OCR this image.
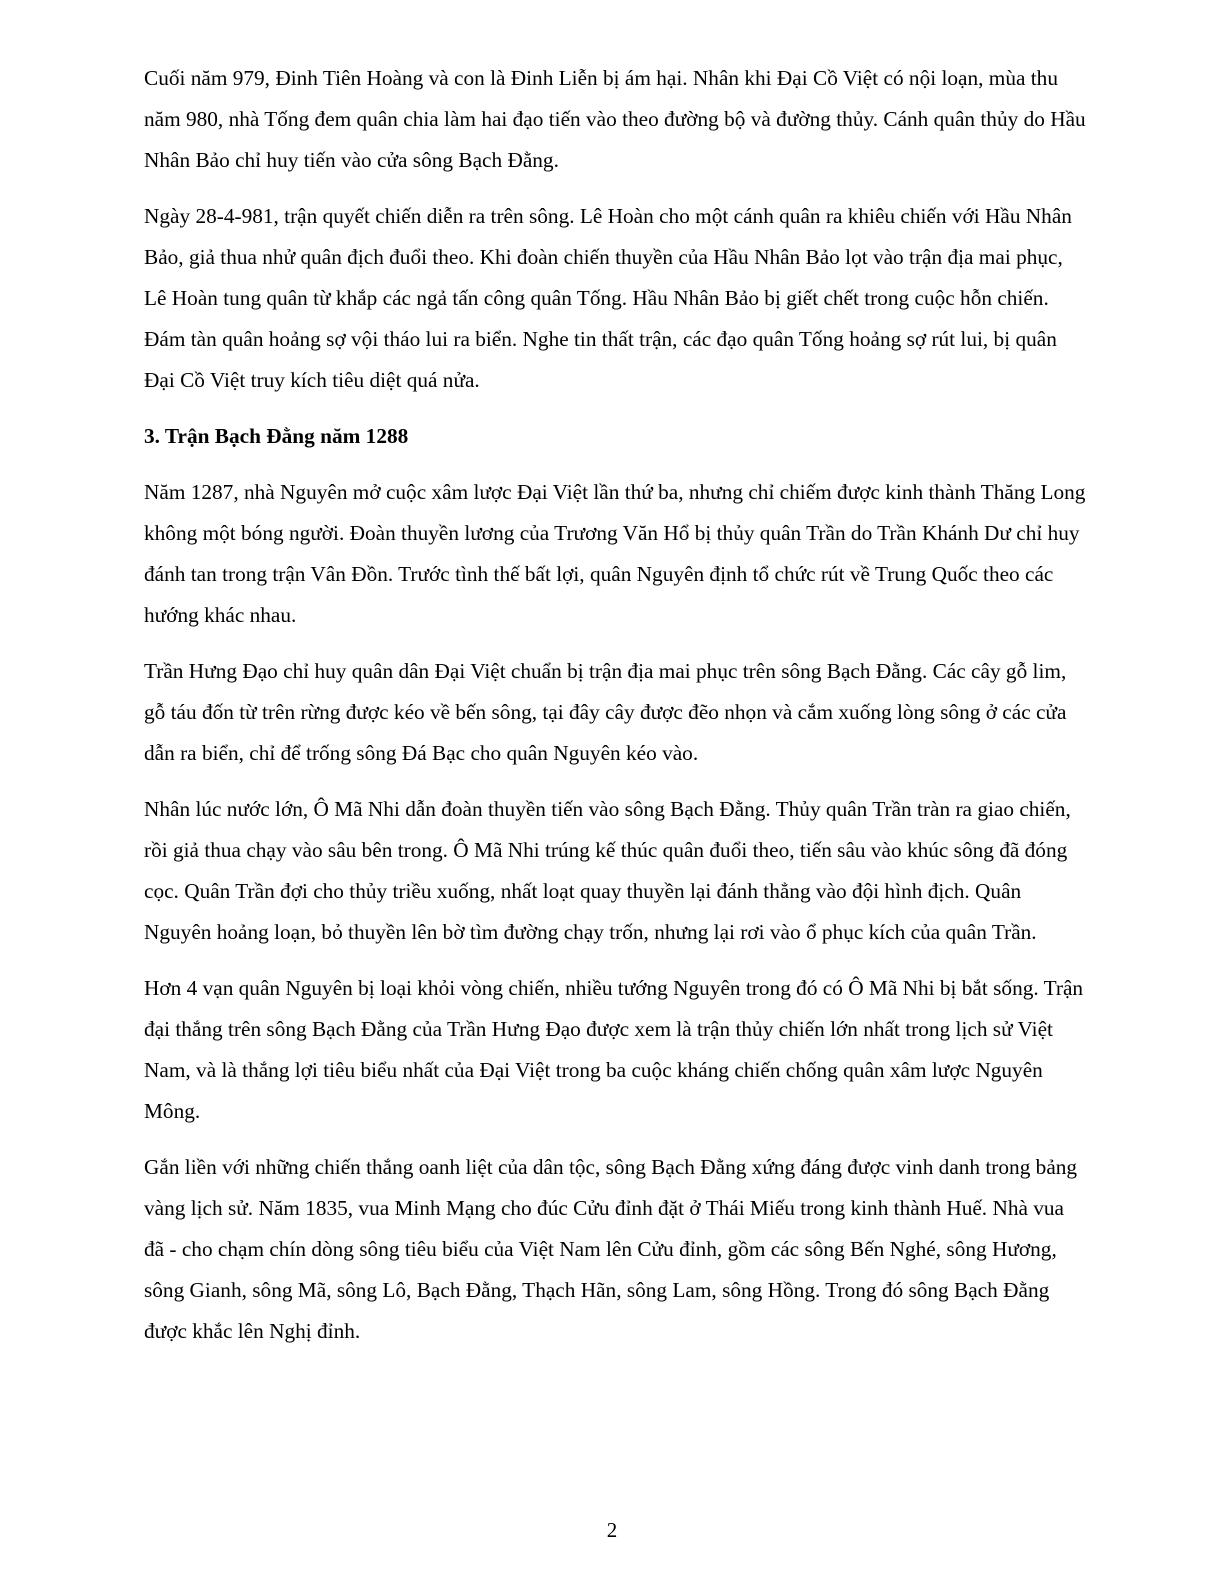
Cuối năm 979, Đinh Tiên Hoàng và con là Đinh Liễn bị ám hại. Nhân khi Đại Cồ Việt có nội loạn, mùa thu năm 980, nhà Tống đem quân chia làm hai đạo tiến vào theo đường bộ và đường thủy. Cánh quân thủy do Hầu Nhân Bảo chỉ huy tiến vào cửa sông Bạch Đằng.

Ngày 28-4-981, trận quyết chiến diễn ra trên sông. Lê Hoàn cho một cánh quân ra khiêu chiến với Hầu Nhân Bảo, giả thua nhử quân địch đuổi theo. Khi đoàn chiến thuyền của Hầu Nhân Bảo lọt vào trận địa mai phục, Lê Hoàn tung quân từ khắp các ngả tấn công quân Tống. Hầu Nhân Bảo bị giết chết trong cuộc hỗn chiến. Đám tàn quân hoảng sợ vội tháo lui ra biển. Nghe tin thất trận, các đạo quân Tống hoảng sợ rút lui, bị quân Đại Cồ Việt truy kích tiêu diệt quá nửa.

3. Trận Bạch Đằng năm 1288

Năm 1287, nhà Nguyên mở cuộc xâm lược Đại Việt lần thứ ba, nhưng chỉ chiếm được kinh thành Thăng Long không một bóng người. Đoàn thuyền lương của Trương Văn Hổ bị thủy quân Trần do Trần Khánh Dư chỉ huy đánh tan trong trận Vân Đồn. Trước tình thế bất lợi, quân Nguyên định tổ chức rút về Trung Quốc theo các hướng khác nhau.

Trần Hưng Đạo chỉ huy quân dân Đại Việt chuẩn bị trận địa mai phục trên sông Bạch Đằng. Các cây gỗ lim, gỗ táu đốn từ trên rừng được kéo về bến sông, tại đây cây được đẽo nhọn và cắm xuống lòng sông ở các cửa dẫn ra biển, chỉ để trống sông Đá Bạc cho quân Nguyên kéo vào.

Nhân lúc nước lớn, Ô Mã Nhi dẫn đoàn thuyền tiến vào sông Bạch Đằng. Thủy quân Trần tràn ra giao chiến, rồi giả thua chạy vào sâu bên trong. Ô Mã Nhi trúng kế thúc quân đuổi theo, tiến sâu vào khúc sông đã đóng cọc. Quân Trần đợi cho thủy triều xuống, nhất loạt quay thuyền lại đánh thẳng vào đội hình địch. Quân Nguyên hoảng loạn, bỏ thuyền lên bờ tìm đường chạy trốn, nhưng lại rơi vào ổ phục kích của quân Trần.

Hơn 4 vạn quân Nguyên bị loại khỏi vòng chiến, nhiều tướng Nguyên trong đó có Ô Mã Nhi bị bắt sống. Trận đại thắng trên sông Bạch Đằng của Trần Hưng Đạo được xem là trận thủy chiến lớn nhất trong lịch sử Việt Nam, và là thắng lợi tiêu biểu nhất của Đại Việt trong ba cuộc kháng chiến chống quân xâm lược Nguyên Mông.

Gắn liền với những chiến thắng oanh liệt của dân tộc, sông Bạch Đằng xứng đáng được vinh danh trong bảng vàng lịch sử. Năm 1835, vua Minh Mạng cho đúc Cửu đỉnh đặt ở Thái Miếu trong kinh thành Huế. Nhà vua đã - cho chạm chín dòng sông tiêu biểu của Việt Nam lên Cửu đỉnh, gồm các sông Bến Nghé, sông Hương, sông Gianh, sông Mã, sông Lô, Bạch Đằng, Thạch Hãn, sông Lam, sông Hồng. Trong đó sông Bạch Đằng được khắc lên Nghị đỉnh.

2
